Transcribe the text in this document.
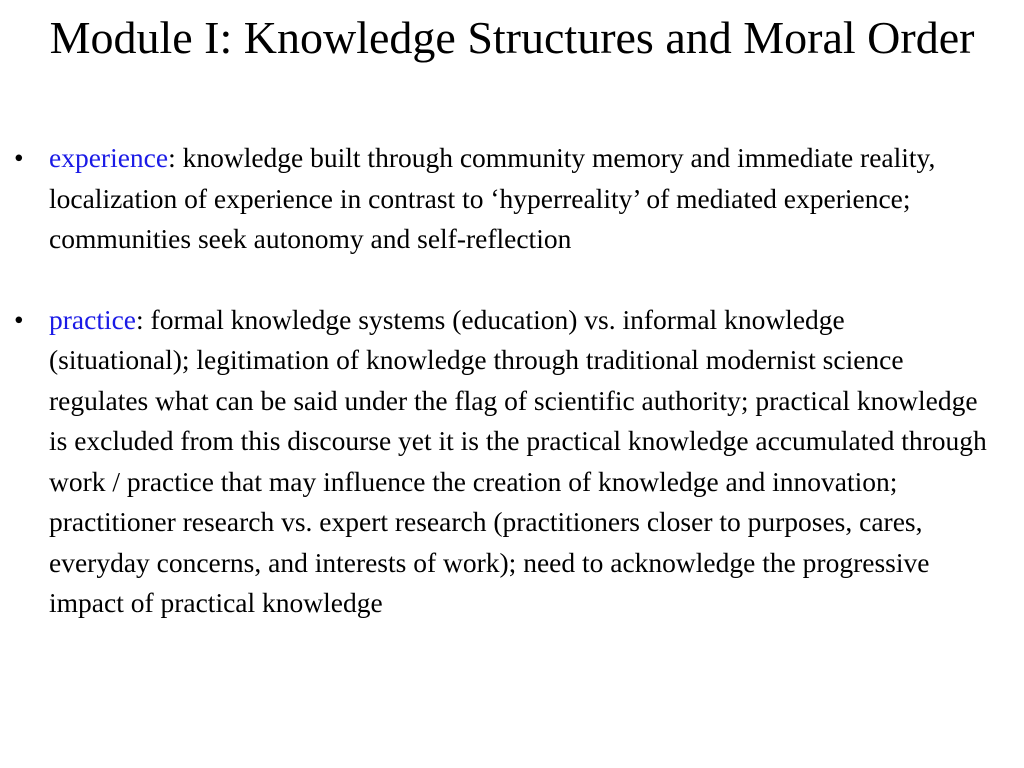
Module I: Knowledge Structures and Moral Order
• experience: knowledge built through community memory and immediate reality, localization of experience in contrast to ‘hyperreality’ of mediated experience; communities seek autonomy and self-reflection
• practice: formal knowledge systems (education) vs. informal knowledge (situational); legitimation of knowledge through traditional modernist science regulates what can be said under the flag of scientific authority; practical knowledge is excluded from this discourse yet it is the practical knowledge accumulated through work / practice that may influence the creation of knowledge and innovation; practitioner research vs. expert research (practitioners closer to purposes, cares, everyday concerns, and interests of work); need to acknowledge the progressive impact of practical knowledge
